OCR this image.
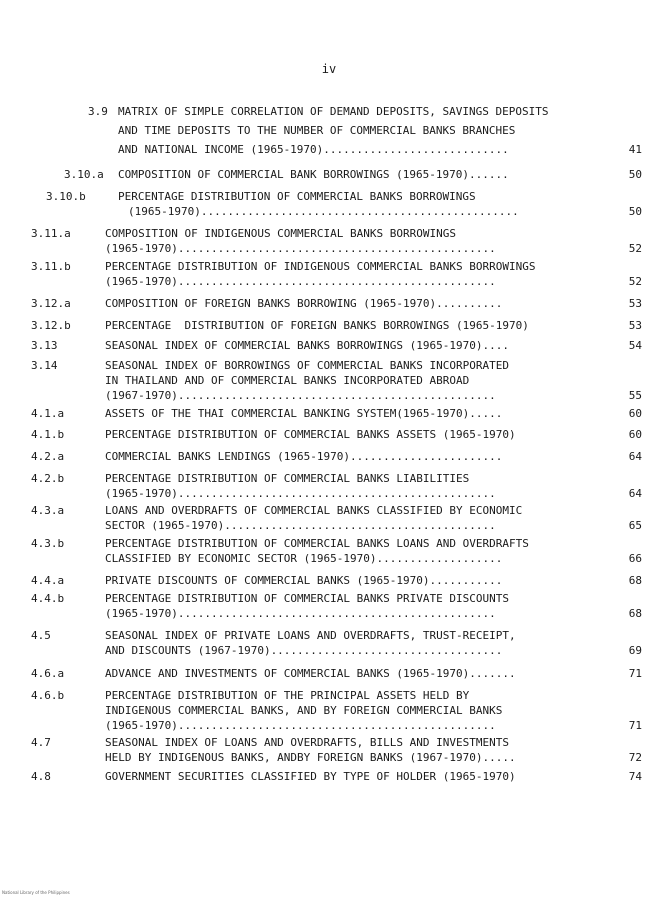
iv
3.9 MATRIX OF SIMPLE CORRELATION OF DEMAND DEPOSITS, SAVINGS DEPOSITS
AND TIME DEPOSITS TO THE NUMBER OF COMMERCIAL BANKS BRANCHES
AND NATIONAL INCOME (1965-1970)............................	41
3.10.a COMPOSITION OF COMMERCIAL BANK BORROWINGS (1965-1970)......	50
3.10.b	PERCENTAGE DISTRIBUTION OF COMMERCIAL BANKS BORROWINGS
(1965-1970)................................................	50
3.11.a	COMPOSITION OF INDIGENOUS COMMERCIAL BANKS BORROWINGS
(1965-1970)................................................	52
3.11.b	PERCENTAGE DISTRIBUTION OF INDIGENOUS COMMERCIAL BANKS BORROWINGS
(1965-1970)................................................	52
3.12.a	COMPOSITION OF FOREIGN BANKS BORROWING (1965-1970)..........	53
3.12.b	PERCENTAGE  DISTRIBUTION OF FOREIGN BANKS BORROWINGS (1965-1970)	53
3.13	SEASONAL INDEX OF COMMERCIAL BANKS BORROWINGS (1965-1970)....	54
3.14	SEASONAL INDEX OF BORROWINGS OF COMMERCIAL BANKS INCORPORATED
IN THAILAND AND OF COMMERCIAL BANKS INCORPORATED ABROAD
(1967-1970)................................................	55
4.1.a	ASSETS OF THE THAI COMMERCIAL BANKING SYSTEM(1965-1970).....	60
4.1.b	PERCENTAGE DISTRIBUTION OF COMMERCIAL BANKS ASSETS (1965-1970)	60
4.2.a	COMMERCIAL BANKS LENDINGS (1965-1970).......................	64
4.2.b	PERCENTAGE DISTRIBUTION OF COMMERCIAL BANKS LIABILITIES
(1965-1970)................................................	64
4.3.a	LOANS AND OVERDRAFTS OF COMMERCIAL BANKS CLASSIFIED BY ECONOMIC
SECTOR (1965-1970).........................................	65
4.3.b	PERCENTAGE DISTRIBUTION OF COMMERCIAL BANKS LOANS AND OVERDRAFTS
CLASSIFIED BY ECONOMIC SECTOR (1965-1970)...................	66
4.4.a	PRIVATE DISCOUNTS OF COMMERCIAL BANKS (1965-1970)...........	68
4.4.b	PERCENTAGE DISTRIBUTION OF COMMERCIAL BANKS PRIVATE DISCOUNTS
(1965-1970)................................................	68
4.5	SEASONAL INDEX OF PRIVATE LOANS AND OVERDRAFTS, TRUST-RECEIPT,
AND DISCOUNTS (1967-1970)...................................	69
4.6.a	ADVANCE AND INVESTMENTS OF COMMERCIAL BANKS (1965-1970).......	71
4.6.b	PERCENTAGE DISTRIBUTION OF THE PRINCIPAL ASSETS HELD BY
INDIGENOUS COMMERCIAL BANKS, AND BY FOREIGN COMMERCIAL BANKS
(1965-1970)................................................	71
4.7	SEASONAL INDEX OF LOANS AND OVERDRAFTS, BILLS AND INVESTMENTS
HELD BY INDIGENOUS BANKS, ANDBY FOREIGN BANKS (1967-1970).....	72
4.8	GOVERNMENT SECURITIES CLASSIFIED BY TYPE OF HOLDER (1965-1970)	74
National Library of the Philippines
